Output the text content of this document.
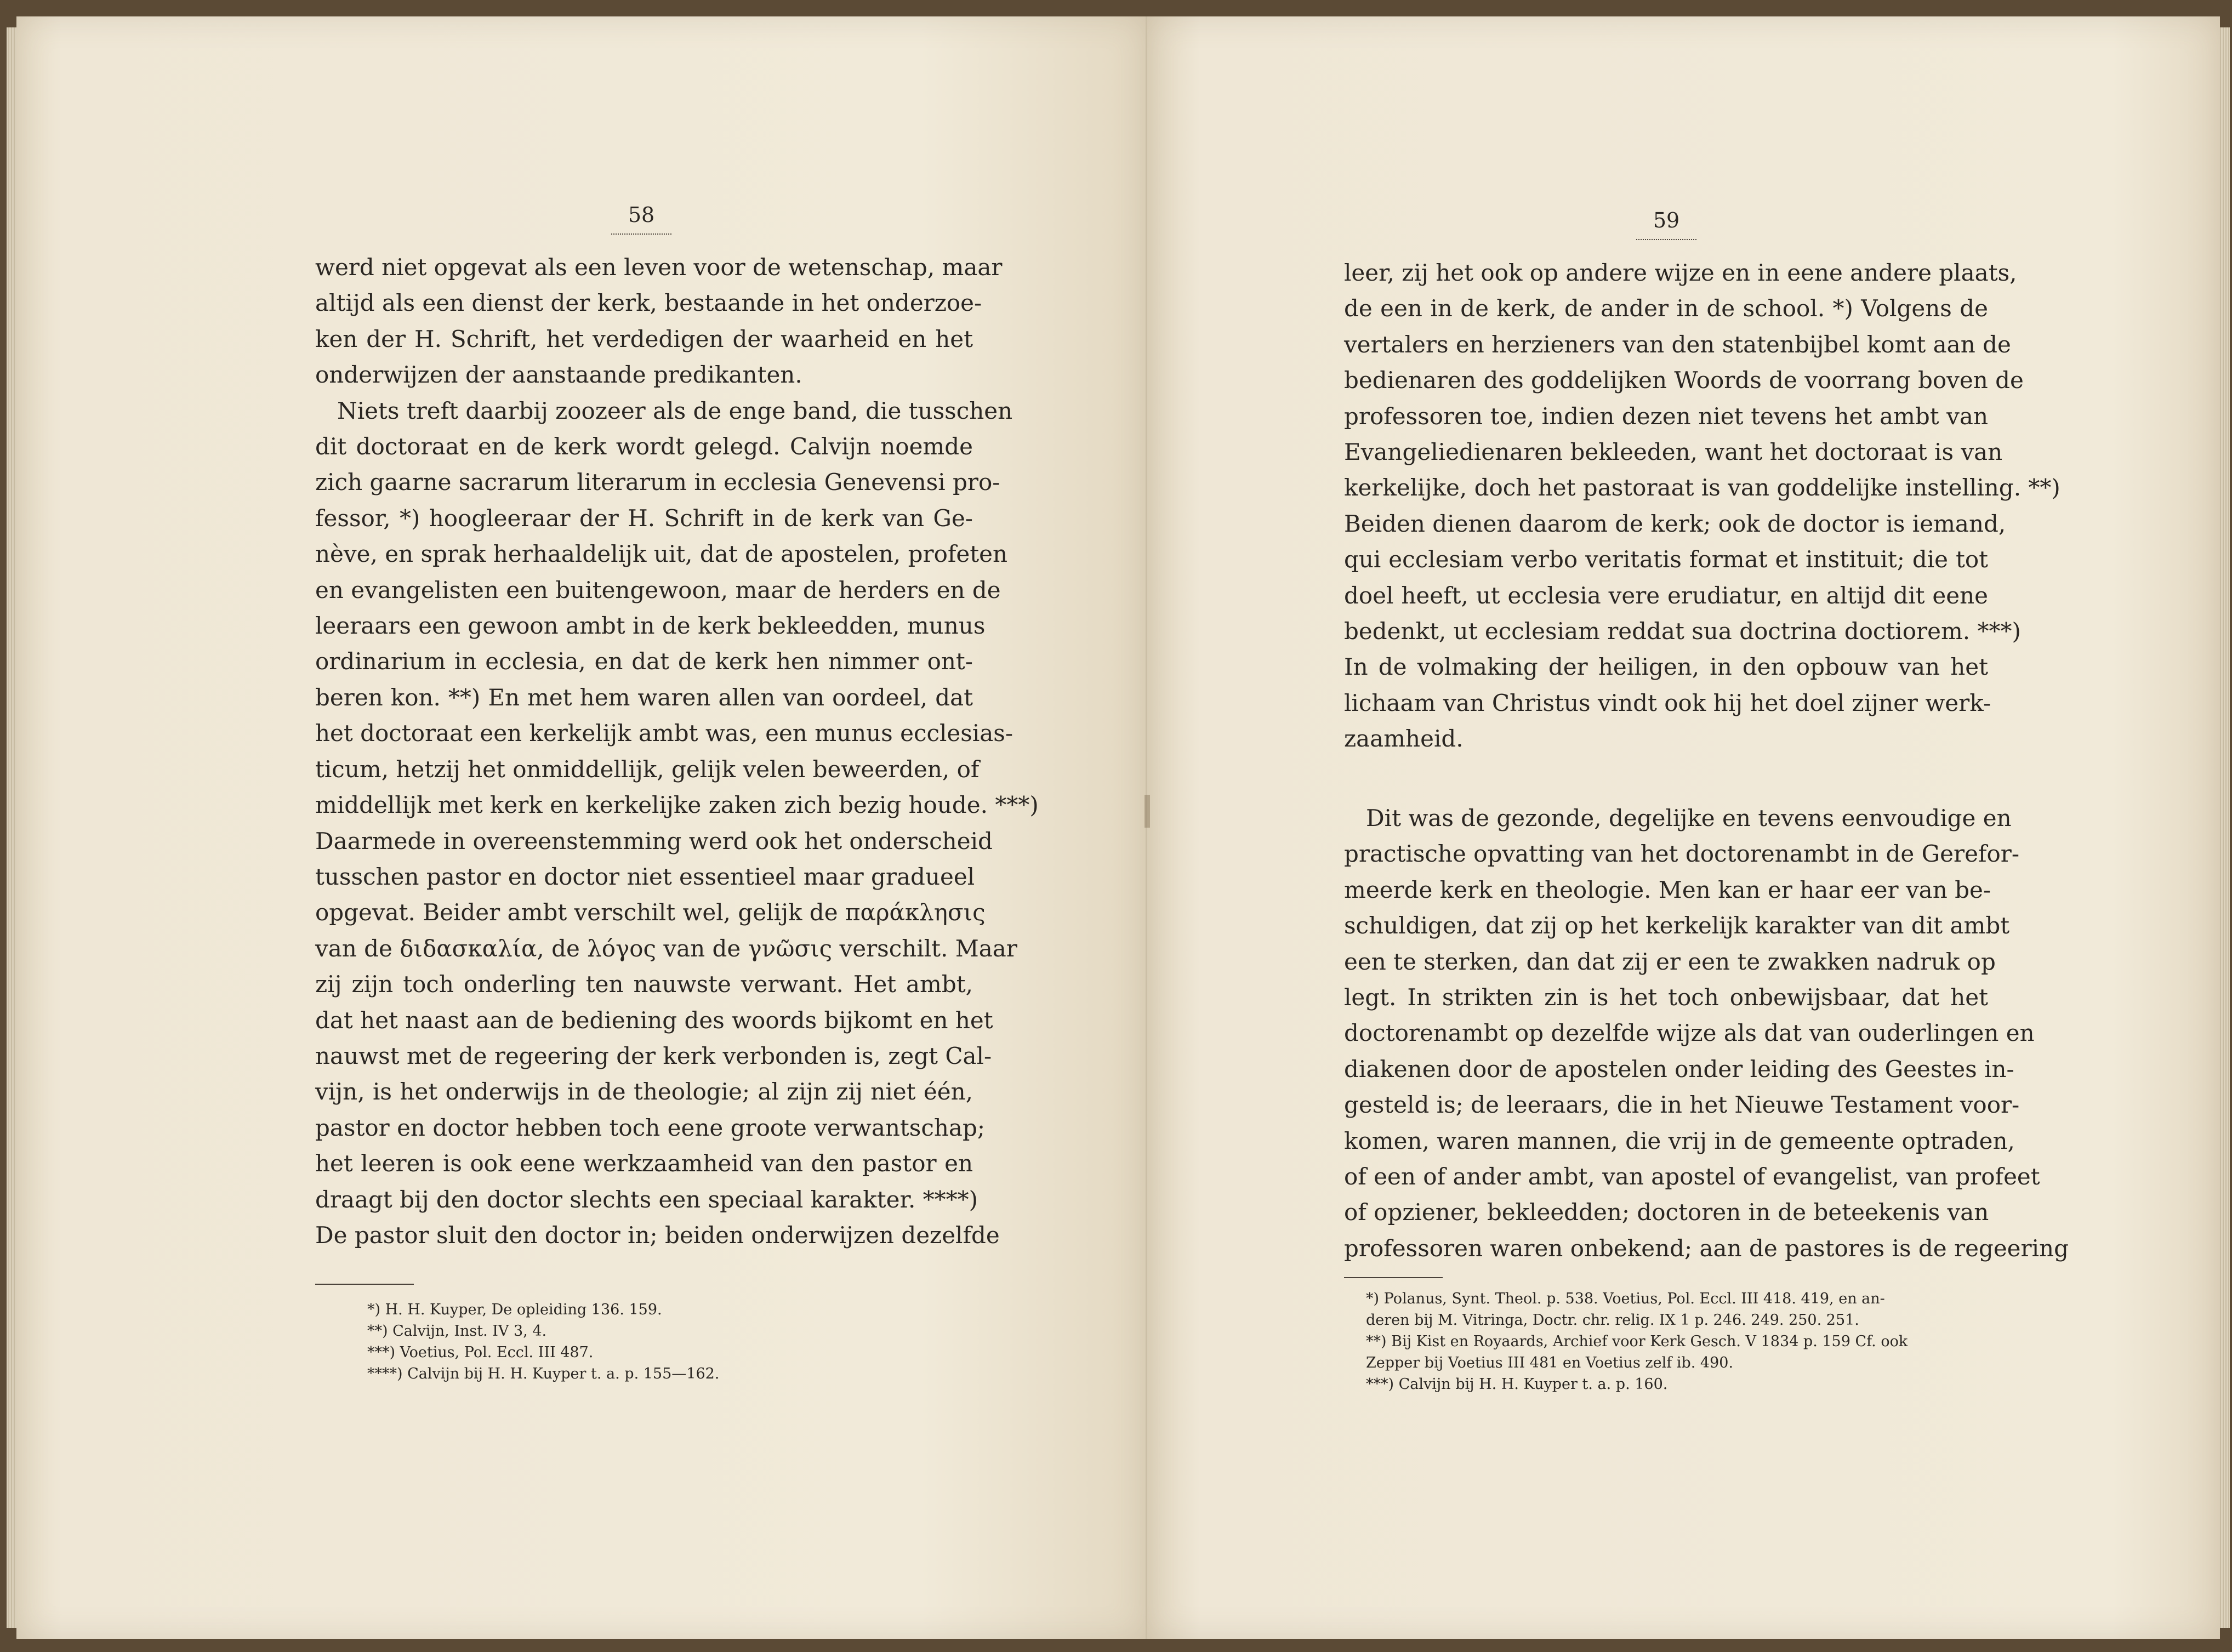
58
werd niet opgevat als een leven voor de wetenschap, maar
altijd als een dienst der kerk, bestaande in het onderzoe-
ken der H. Schrift, het verdedigen der waarheid en het
onderwijzen der aanstaande predikanten.
Niets treft daarbij zoozeer als de enge band, die tusschen
dit doctoraat en de kerk wordt gelegd. Calvijn noemde
zich gaarne sacrarum literarum in ecclesia Genevensi pro-
fessor, *) hoogleeraar der H. Schrift in de kerk van Ge-
nève, en sprak herhaaldelijk uit, dat de apostelen, profeten
en evangelisten een buitengewoon, maar de herders en de
leeraars een gewoon ambt in de kerk bekleedden, munus
ordinarium in ecclesia, en dat de kerk hen nimmer ont-
beren kon. **) En met hem waren allen van oordeel, dat
het doctoraat een kerkelijk ambt was, een munus ecclesias-
ticum, hetzij het onmiddellijk, gelijk velen beweerden, of
middellijk met kerk en kerkelijke zaken zich bezig houde. ***)
Daarmede in overeenstemming werd ook het onderscheid
tusschen pastor en doctor niet essentieel maar gradueel
opgevat. Beider ambt verschilt wel, gelijk de παράκλησις
van de διδασκαλία, de λόγος van de γνῶσις verschilt. Maar
zij zijn toch onderling ten nauwste verwant. Het ambt,
dat het naast aan de bediening des woords bijkomt en het
nauwst met de regeering der kerk verbonden is, zegt Cal-
vijn, is het onderwijs in de theologie; al zijn zij niet één,
pastor en doctor hebben toch eene groote verwantschap;
het leeren is ook eene werkzaamheid van den pastor en
draagt bij den doctor slechts een speciaal karakter. ****)
De pastor sluit den doctor in; beiden onderwijzen dezelfde
*) H. H. Kuyper, De opleiding 136. 159.
**) Calvijn, Inst. IV 3, 4.
***) Voetius, Pol. Eccl. III 487.
****) Calvijn bij H. H. Kuyper t. a. p. 155—162.
59
leer, zij het ook op andere wijze en in eene andere plaats,
de een in de kerk, de ander in de school. *) Volgens de
vertalers en herzieners van den statenbijbel komt aan de
bedienaren des goddelijken Woords de voorrang boven de
professoren toe, indien dezen niet tevens het ambt van
Evangeliedienaren bekleeden, want het doctoraat is van
kerkelijke, doch het pastoraat is van goddelijke instelling. **)
Beiden dienen daarom de kerk; ook de doctor is iemand,
qui ecclesiam verbo veritatis format et instituit; die tot
doel heeft, ut ecclesia vere erudiatur, en altijd dit eene
bedenkt, ut ecclesiam reddat sua doctrina doctiorem. ***)
In de volmaking der heiligen, in den opbouw van het
lichaam van Christus vindt ook hij het doel zijner werk-
zaamheid.
Dit was de gezonde, degelijke en tevens eenvoudige en
practische opvatting van het doctorenambt in de Gerefor-
meerde kerk en theologie. Men kan er haar eer van be-
schuldigen, dat zij op het kerkelijk karakter van dit ambt
een te sterken, dan dat zij er een te zwakken nadruk op
legt. In strikten zin is het toch onbewijsbaar, dat het
doctorenambt op dezelfde wijze als dat van ouderlingen en
diakenen door de apostelen onder leiding des Geestes in-
gesteld is; de leeraars, die in het Nieuwe Testament voor-
komen, waren mannen, die vrij in de gemeente optraden,
of een of ander ambt, van apostel of evangelist, van profeet
of opziener, bekleedden; doctoren in de beteekenis van
professoren waren onbekend; aan de pastores is de regeering
*) Polanus, Synt. Theol. p. 538. Voetius, Pol. Eccl. III 418. 419, en an-
deren bij M. Vitringa, Doctr. chr. relig. IX 1 p. 246. 249. 250. 251.
**) Bij Kist en Royaards, Archief voor Kerk Gesch. V 1834 p. 159 Cf. ook
Zepper bij Voetius III 481 en Voetius zelf ib. 490.
***) Calvijn bij H. H. Kuyper t. a. p. 160.
